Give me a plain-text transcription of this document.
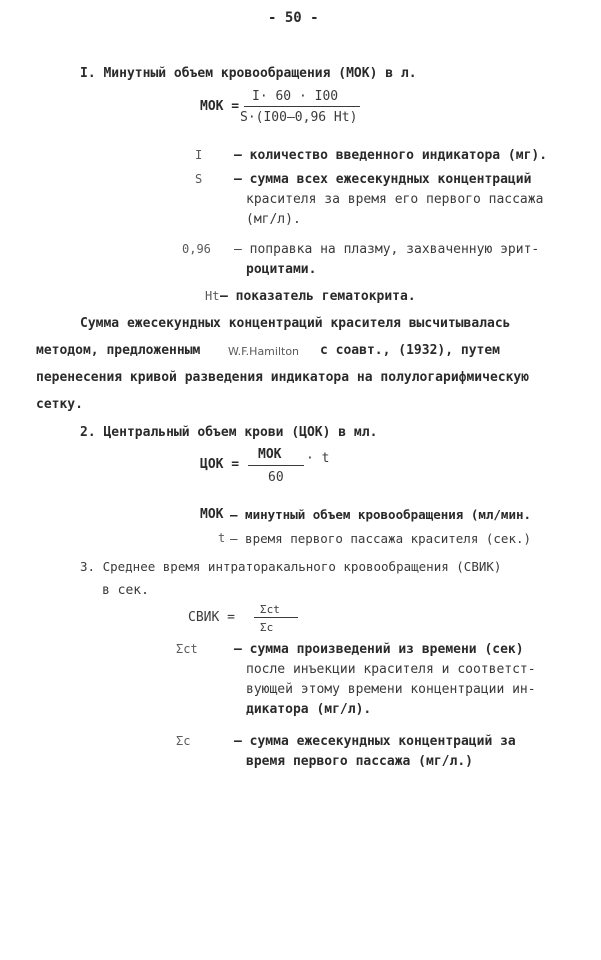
- 50 -
I. Минутный объем кровообращения (МОК) в л.
МОК =
I· 60 · I00
S·(I00–0,96 Ht)
I – количество введенного индикатора (мг).
S – сумма всех ежесекундных концентраций
красителя за время его первого пассажа
(мг/л).
0,96 – поправка на плазму, захваченную эрит-
роцитами.
Ht – показатель гематокрита.
Сумма ежесекундных концентраций красителя высчитывалась
методом, предложенным	W.F.Hamilton с соавт., (1932), путем
перенесения кривой разведения индикатора на полулогарифмическую
сетку.
2. Центральный объем крови (ЦОК) в мл.
ЦОК =
МОК
60
· t
МОК – минутный объем кровообращения (мл/мин.
t – время первого пассажа красителя (сек.)
3. Среднее время интраторакального кровообращения (СВИК)
в сек.
СВИК =
Σct
Σc
Σct	– сумма произведений из времени (сек)
после инъекции красителя и соответст-
вующей этому времени концентрации ин-
дикатора (мг/л).
Σc	– сумма ежесекундных концентраций за
время первого пассажа (мг/л.)
